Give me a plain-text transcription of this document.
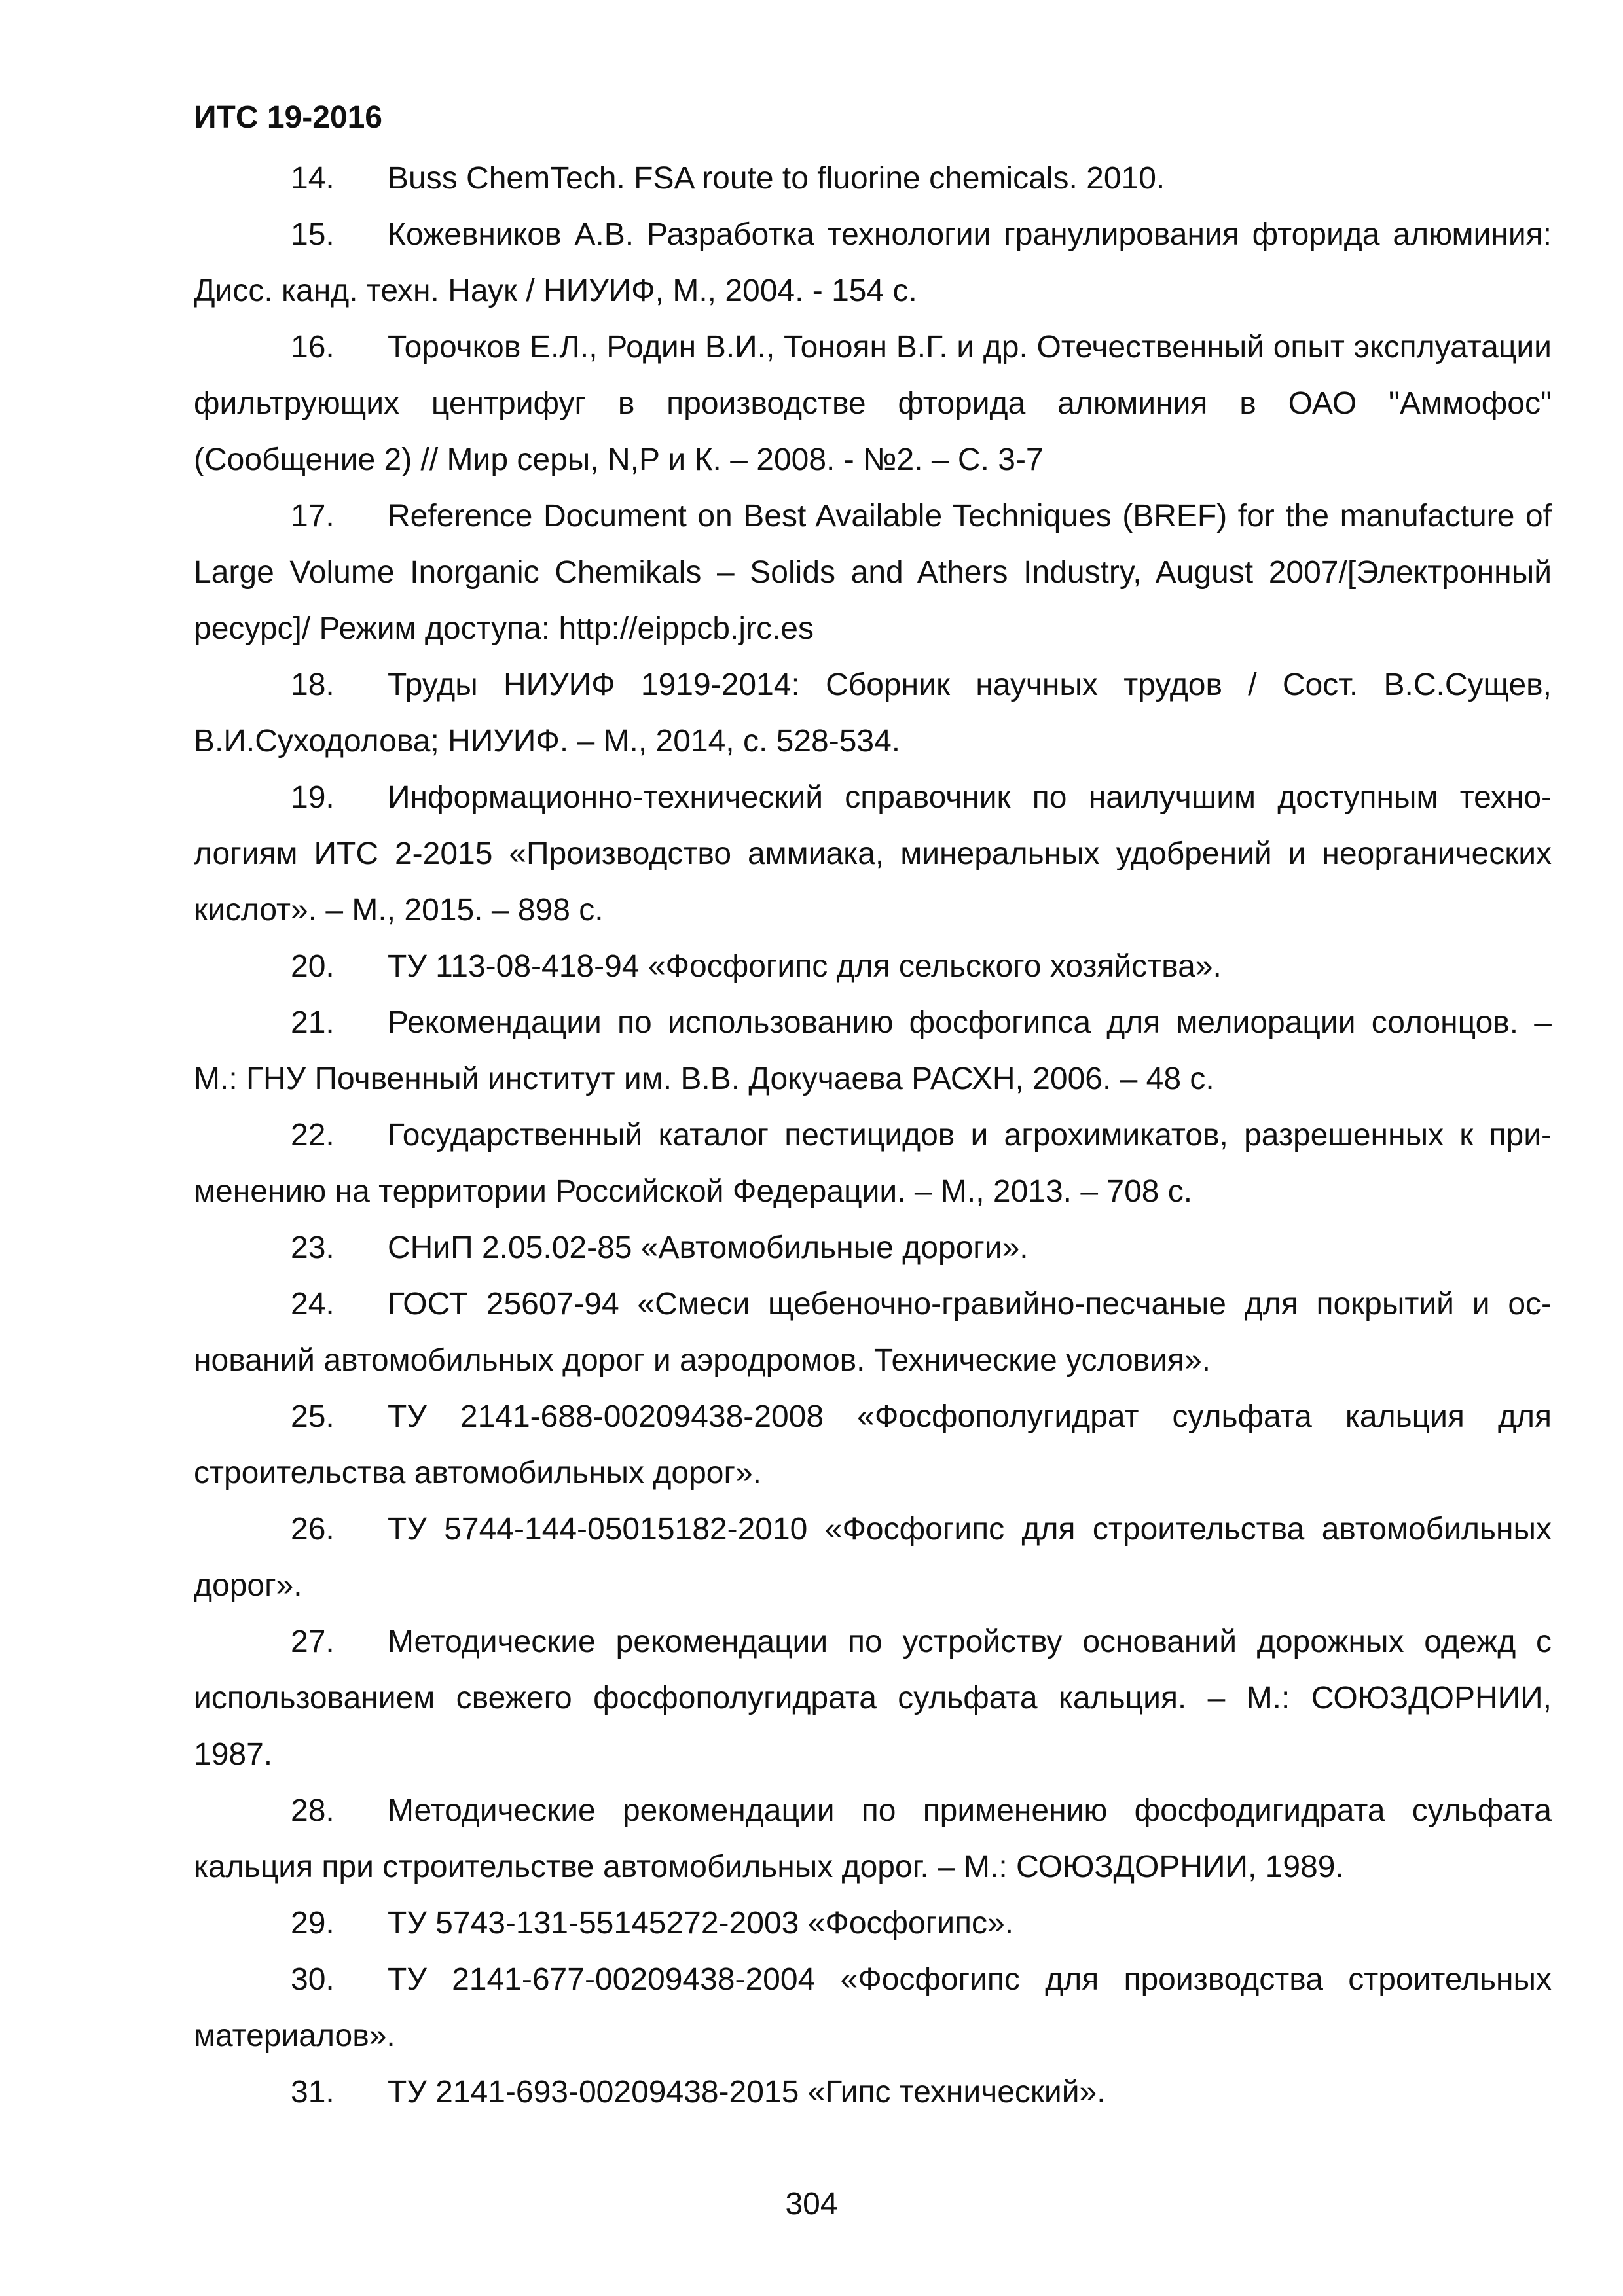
ИТС 19-2016

14. Buss ChemTech. FSA route to fluorine chemicals. 2010.

15. Кожевников А.В. Разработка технологии гранулирования фторида алюминия: Дисс. канд. техн. Наук / НИУИФ, М., 2004. - 154 с.

16. Торочков Е.Л., Родин В.И., Тоноян В.Г. и др. Отечественный опыт эксплуатации фильтрующих центрифуг в производстве фторида алюминия в ОАО "Аммофос" (Сообщение 2) // Мир серы, N,P и К. – 2008. - №2. – С. 3-7

17. Reference Document on Best Available Techniques (BREF) for the manufacture of Large Volume Inorganic Chemikals – Solids and Athers Industry, August 2007/[Электронный ресурс]/ Режим доступа: http://eippcb.jrc.es

18. Труды НИУИФ 1919-2014: Сборник научных трудов / Сост. В.С.Сущев, В.И.Суходолова; НИУИФ. – М., 2014, с. 528-534.

19. Информационно-технический справочник по наилучшим доступным технологиям ИТС 2-2015 «Производство аммиака, минеральных удобрений и неорганических кислот». – М., 2015. – 898 с.

20. ТУ 113-08-418-94 «Фосфогипс для сельского хозяйства».

21. Рекомендации по использованию фосфогипса для мелиорации солонцов. – М.: ГНУ Почвенный институт им. В.В. Докучаева РАСХН, 2006. – 48 с.

22. Государственный каталог пестицидов и агрохимикатов, разрешенных к применению на территории Российской Федерации. – М., 2013. – 708 с.

23. СНиП 2.05.02-85 «Автомобильные дороги».

24. ГОСТ 25607-94 «Смеси щебеночно-гравийно-песчаные для покрытий и оснований автомобильных дорог и аэродромов. Технические условия».

25. ТУ 2141-688-00209438-2008 «Фосфополугидрат сульфата кальция для строительства автомобильных дорог».

26. ТУ 5744-144-05015182-2010 «Фосфогипс для строительства автомобильных дорог».

27. Методические рекомендации по устройству оснований дорожных одежд с использованием свежего фосфополугидрата сульфата кальция. – М.: СОЮЗДОРНИИ, 1987.

28. Методические рекомендации по применению фосфодигидрата сульфата кальция при строительстве автомобильных дорог. – М.: СОЮЗДОРНИИ, 1989.

29. ТУ 5743-131-55145272-2003 «Фосфогипс».

30. ТУ 2141-677-00209438-2004 «Фосфогипс для производства строительных материалов».

31. ТУ 2141-693-00209438-2015 «Гипс технический».

304
